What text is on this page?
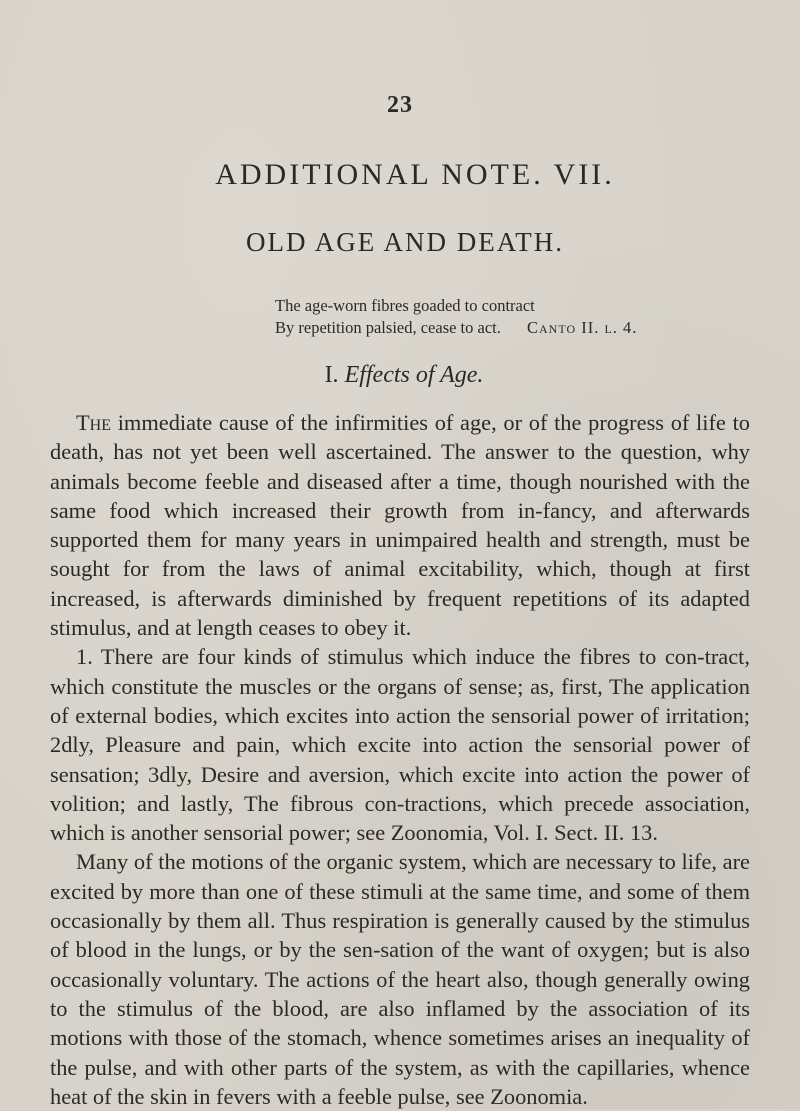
23
ADDITIONAL NOTE. VII.
OLD AGE AND DEATH.
The age-worn fibres goaded to contract
By repetition palsied, cease to act.	Canto II. l. 4.
I. Effects of Age.

The immediate cause of the infirmities of age, or of the progress of life to death, has not yet been well ascertained. The answer to the question, why animals become feeble and diseased after a time, though nourished with the same food which increased their growth from in-fancy, and afterwards supported them for many years in unimpaired health and strength, must be sought for from the laws of animal excitability, which, though at first increased, is afterwards diminished by frequent repetitions of its adapted stimulus, and at length ceases to obey it.

1. There are four kinds of stimulus which induce the fibres to con-tract, which constitute the muscles or the organs of sense; as, first, The application of external bodies, which excites into action the sensorial power of irritation; 2dly, Pleasure and pain, which excite into action the sensorial power of sensation; 3dly, Desire and aversion, which excite into action the power of volition; and lastly, The fibrous con-tractions, which precede association, which is another sensorial power; see Zoonomia, Vol. I. Sect. II. 13.

Many of the motions of the organic system, which are necessary to life, are excited by more than one of these stimuli at the same time, and some of them occasionally by them all. Thus respiration is generally caused by the stimulus of blood in the lungs, or by the sen-sation of the want of oxygen; but is also occasionally voluntary. The actions of the heart also, though generally owing to the stimulus of the blood, are also inflamed by the association of its motions with those of the stomach, whence sometimes arises an inequality of the pulse, and with other parts of the system, as with the capillaries, whence heat of the skin in fevers with a feeble pulse, see Zoonomia.
